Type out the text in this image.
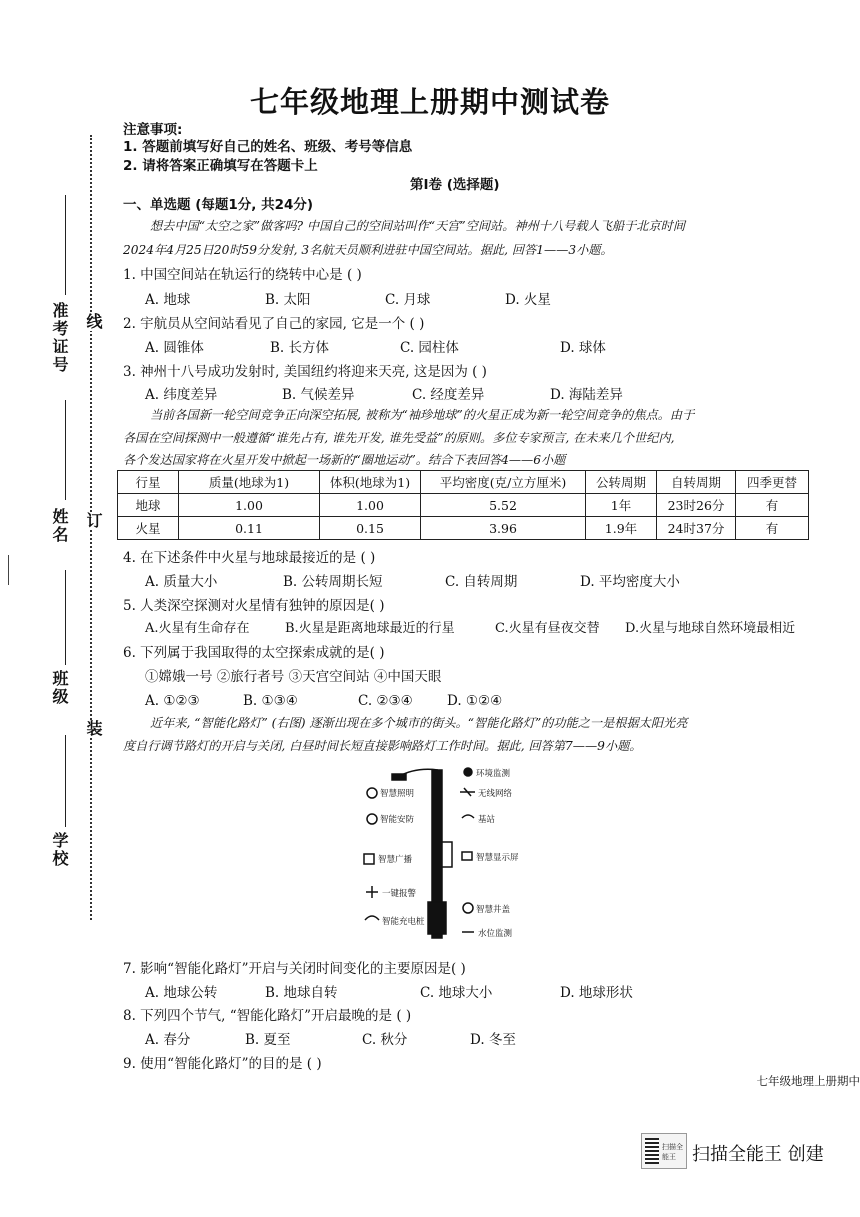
七年级地理上册期中测试卷
准考证号
姓名
班级
学校
线
订
装
注意事项:
1. 答题前填写好自己的姓名、班级、考号等信息
2. 请将答案正确填写在答题卡上
第Ⅰ卷 (选择题)
一、单选题 (每题1分, 共24分)
想去中国“太空之家”做客吗? 中国自己的空间站叫作“天宫”空间站。神州十八号载人飞船于北京时间
2024年4月25日20时59分发射, 3名航天员顺利进驻中国空间站。据此, 回答1——3小题。
1. 中国空间站在轨运行的绕转中心是 ( )
A. 地球	B. 太阳	C. 月球	D. 火星
2. 宇航员从空间站看见了自己的家园, 它是一个 ( )
A. 圆锥体	B. 长方体	C. 园柱体	D. 球体
3. 神州十八号成功发射时, 美国纽约将迎来天亮, 这是因为 ( )
A. 纬度差异	B. 气候差异	C. 经度差异	D. 海陆差异
当前各国新一轮空间竞争正向深空拓展, 被称为“袖珍地球”的火星正成为新一轮空间竞争的焦点。由于
各国在空间探测中一般遵循“谁先占有, 谁先开发, 谁先受益”的原则。多位专家预言, 在未来几个世纪内,
各个发达国家将在火星开发中掀起一场新的“圈地运动”。结合下表回答4——6小题
行星	质量(地球为1)	体积(地球为1)	平均密度(克/立方厘米)	公转周期	自转周期	四季更替
地球	1.00	1.00	5.52	1年	23时26分	有
火星	0.11	0.15	3.96	1.9年	24时37分	有
4. 在下述条件中火星与地球最接近的是 ( )
A. 质量大小	B. 公转周期长短	C. 自转周期	D. 平均密度大小
5. 人类深空探测对火星情有独钟的原因是( )
A.火星有生命存在	B.火星是距离地球最近的行星	C.火星有昼夜交替 D.火星与地球自然环境最相近
6. 下列属于我国取得的太空探索成就的是( )
①嫦娥一号 ②旅行者号 ③天宫空间站 ④中国天眼
A. ①②③	B. ①③④	C. ②③④	D. ①②④
近年来, “智能化路灯” (右图) 逐渐出现在多个城市的街头。“智能化路灯”的功能之一是根据太阳光亮
度自行调节路灯的开启与关闭, 白昼时间长短直接影响路灯工作时间。据此, 回答第7——9小题。
环境监测
智慧照明	无线网络
智能安防	基站
智慧广播	智慧显示屏
一键报警
智慧井盖
智能充电桩
水位监测
7. 影响“智能化路灯”开启与关闭时间变化的主要原因是( )
A. 地球公转	B. 地球自转	C. 地球大小	D. 地球形状
8. 下列四个节气, “智能化路灯”开启最晚的是 ( )
A. 春分	B. 夏至	C. 秋分	D. 冬至
9. 使用“智能化路灯”的目的是 ( )
七年级地理上册期中
扫描全能王 扫描全能王 创建
